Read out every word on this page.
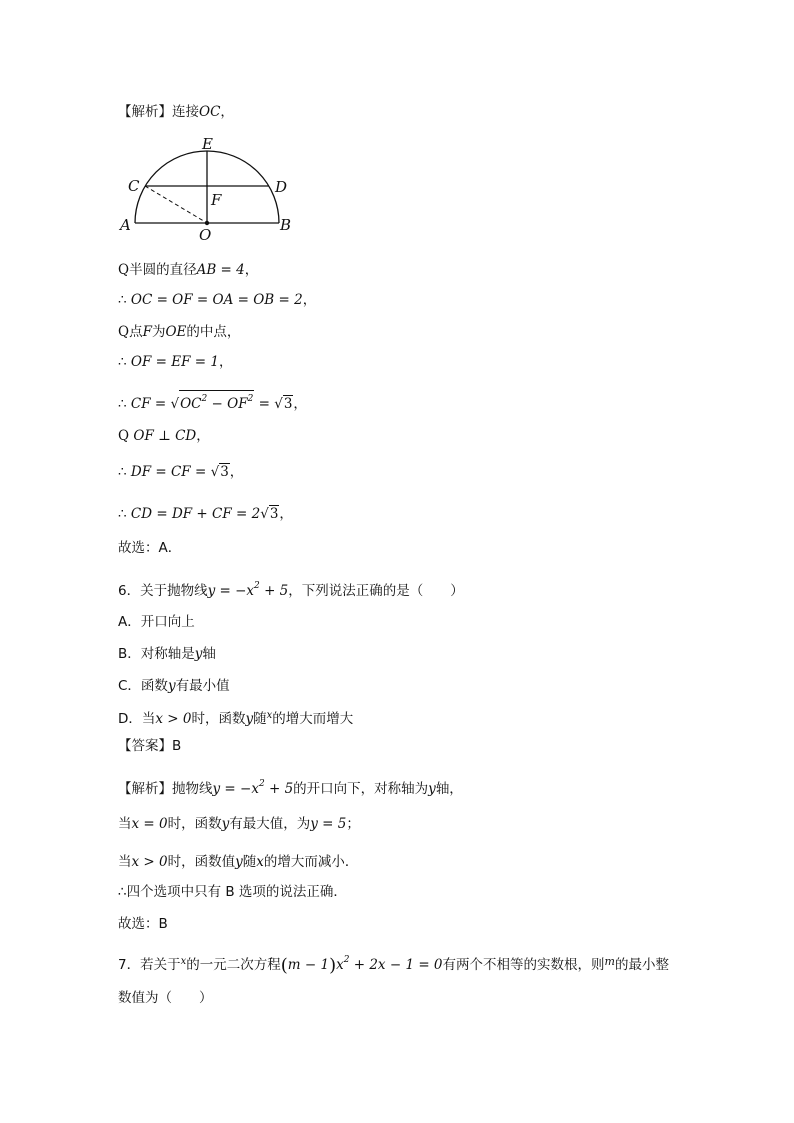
【解析】连接OC，
E
C	D
F
A
O
B
Q半圆的直径AB = 4，
∴ OC = OF = OA = OB = 2，
Q点F为OE的中点，
∴ OF = EF = 1，
∴ CF = $√OC^2 - OF^2 = √3$，
Q OF ⊥ CD，
∴ DF = CF = √3，
∴ CD = DF + CF = 2√3，
故选：A．
6．关于抛物线$y = -x^2 + 5$，下列说法正确的是（　　）
A．开口向上
B．对称轴是y轴
C．函数y有最小值
D．当x > 0时，函数y随$^x$的增大而增大
【答案】B
【解析】抛物线$y = -x^2 + 5$的开口向下，对称轴为y轴，
当x = 0时，函数y有最大值，为y = 5；
当x > 0时，函数值y随x的增大而减小．
∴四个选项中只有 B 选项的说法正确．
故选：B
7．若关于$^x$的一元二次方程$(m - 1)x^2 + 2x - 1 = 0$有两个不相等的实数根，则$^m$的最小整
数值为（　　）
